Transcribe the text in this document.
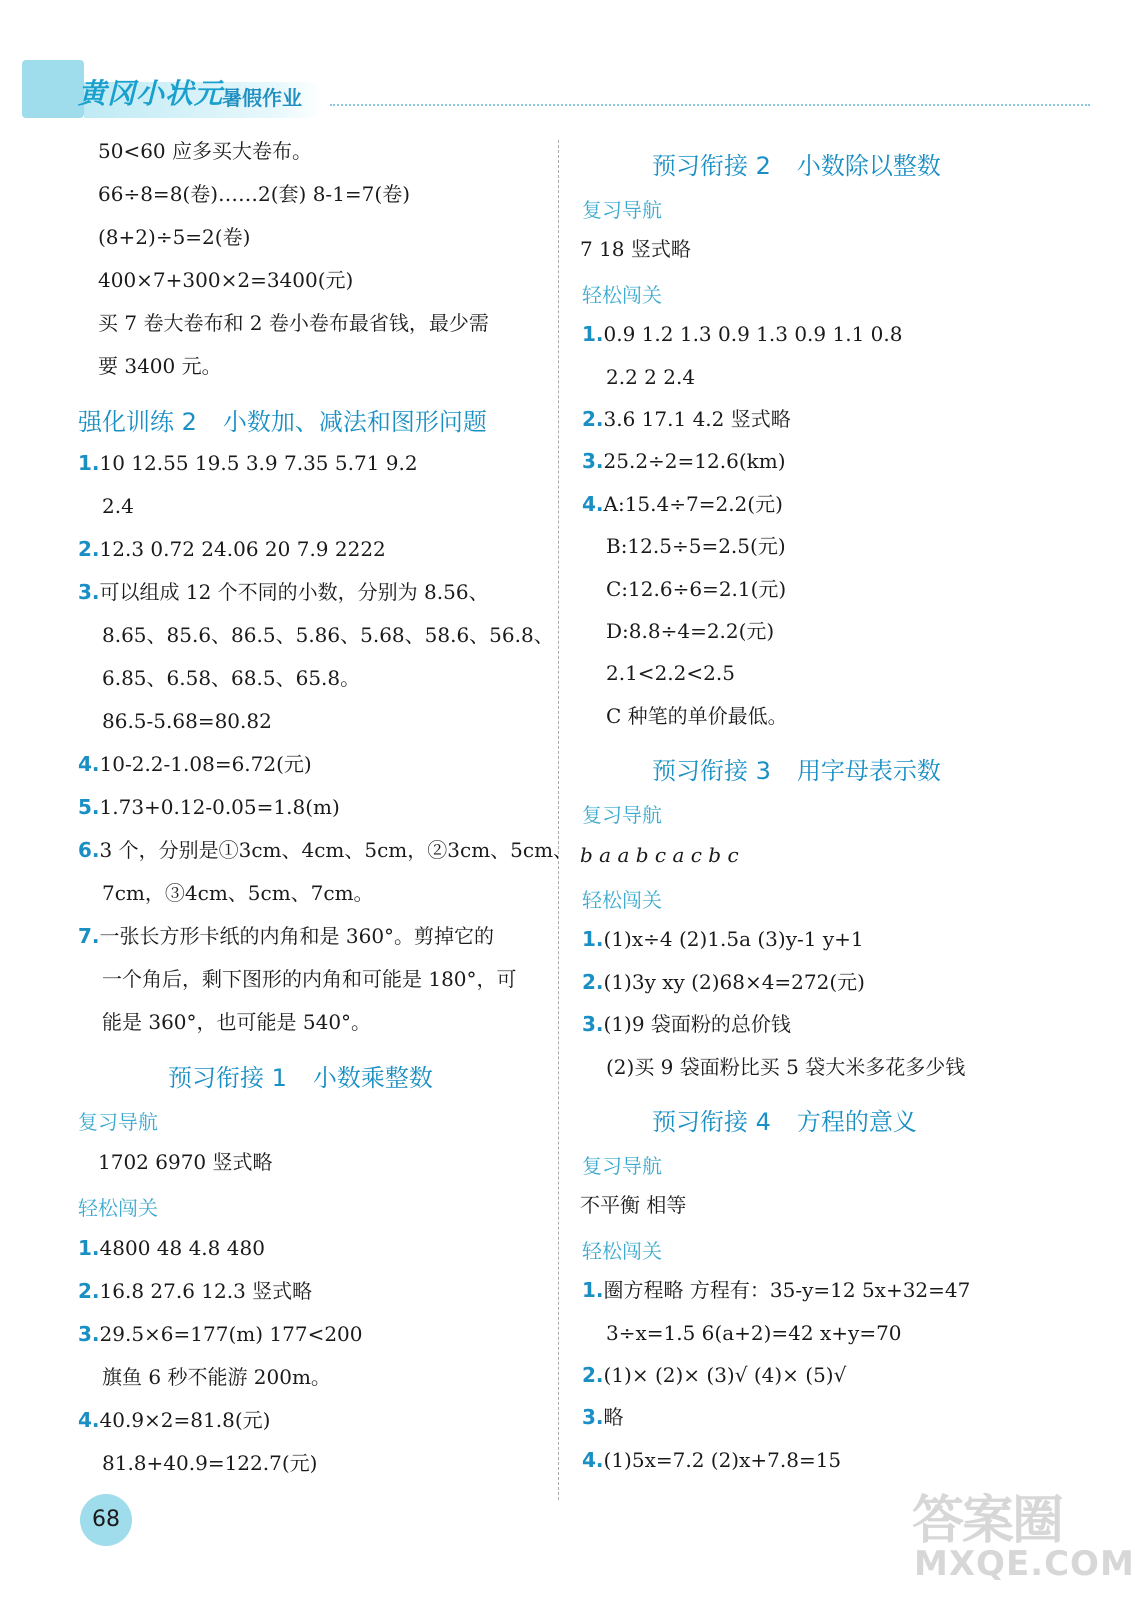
黄冈小状元
暑假作业
50<60 应多买大卷布。
66÷8=8(卷)……2(套) 8-1=7(卷)
(8+2)÷5=2(卷)
400×7+300×2=3400(元)
买 7 卷大卷布和 2 卷小卷布最省钱，最少需
要 3400 元。
强化训练 2 小数加、减法和图形问题
1.10 12.55 19.5 3.9 7.35 5.71 9.2
2.4
2.12.3 0.72 24.06 20 7.9 2222
3.可以组成 12 个不同的小数，分别为 8.56、
8.65、85.6、86.5、5.86、5.68、58.6、56.8、
6.85、6.58、68.5、65.8。
86.5-5.68=80.82
4.10-2.2-1.08=6.72(元)
5.1.73+0.12-0.05=1.8(m)
6.3 个，分别是①3cm、4cm、5cm，②3cm、5cm、
7cm，③4cm、5cm、7cm。
7.一张长方形卡纸的内角和是 360°。剪掉它的
一个角后，剩下图形的内角和可能是 180°，可
能是 360°，也可能是 540°。
预习衔接 1 小数乘整数
复习导航
1702 6970 竖式略
轻松闯关
1.4800 48 4.8 480
2.16.8 27.6 12.3 竖式略
3.29.5×6=177(m) 177<200
旗鱼 6 秒不能游 200m。
4.40.9×2=81.8(元)
81.8+40.9=122.7(元)
预习衔接 2 小数除以整数
复习导航
7 18 竖式略
轻松闯关
1.0.9 1.2 1.3 0.9 1.3 0.9 1.1 0.8
2.2 2 2.4
2.3.6 17.1 4.2 竖式略
3.25.2÷2=12.6(km)
4.A:15.4÷7=2.2(元)
B:12.5÷5=2.5(元)
C:12.6÷6=2.1(元)
D:8.8÷4=2.2(元)
2.1<2.2<2.5
C 种笔的单价最低。
预习衔接 3 用字母表示数
复习导航
b a a b c a c b c
轻松闯关
1.(1)x÷4 (2)1.5a (3)y-1 y+1
2.(1)3y xy (2)68×4=272(元)
3.(1)9 袋面粉的总价钱
(2)买 9 袋面粉比买 5 袋大米多花多少钱
预习衔接 4 方程的意义
复习导航
不平衡 相等
轻松闯关
1.圈方程略 方程有：35-y=12 5x+32=47
3÷x=1.5 6(a+2)=42 x+y=70
2.(1)× (2)× (3)√ (4)× (5)√
3.略
4.(1)5x=7.2 (2)x+7.8=15
68	答案圈
MXQE.COM
